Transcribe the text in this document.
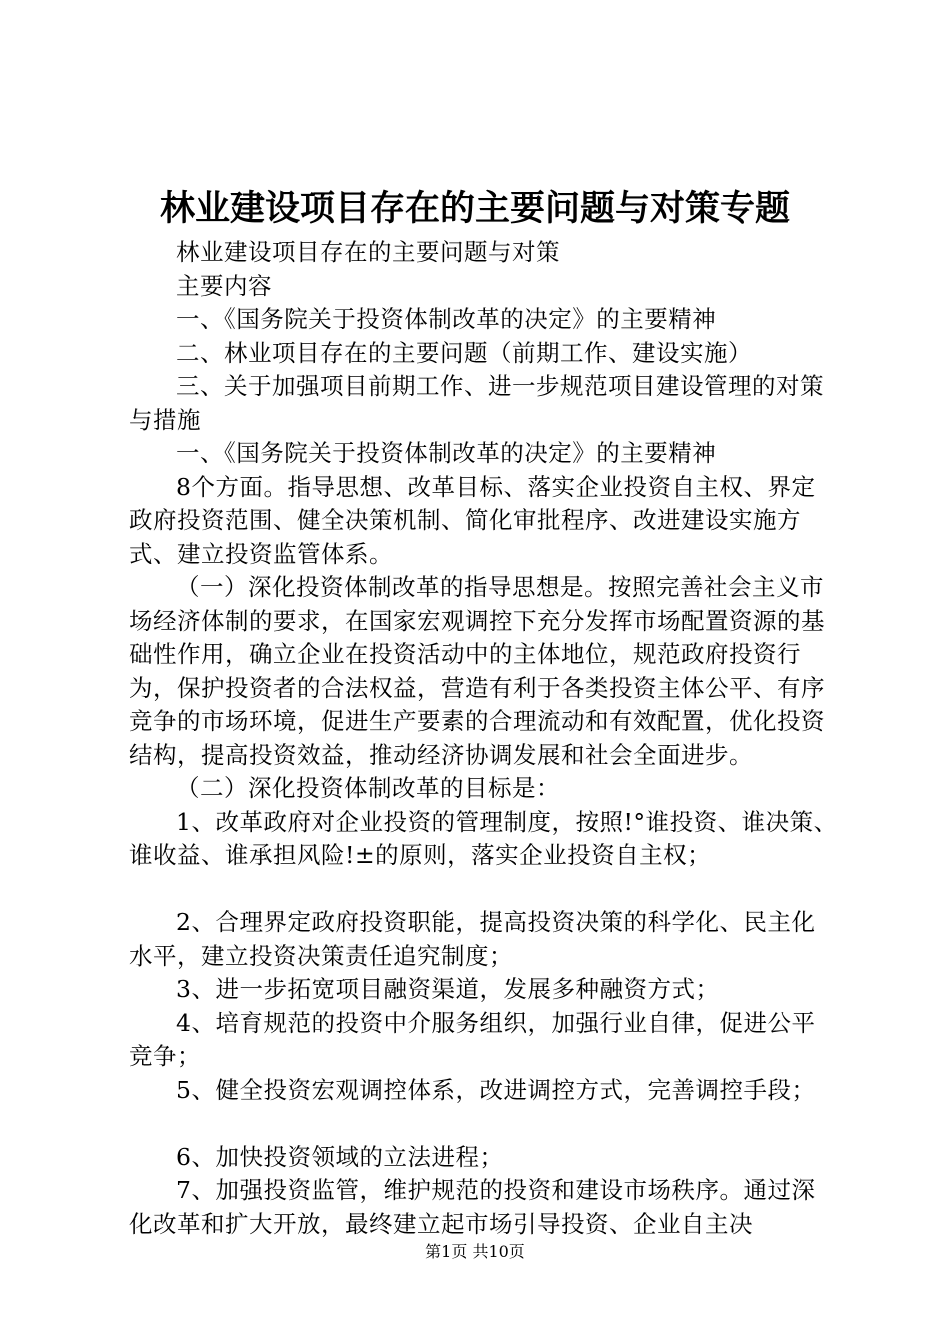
林业建设项目存在的主要问题与对策专题

林业建设项目存在的主要问题与对策

主要内容

一、《国务院关于投资体制改革的决定》的主要精神

二、林业项目存在的主要问题（前期工作、建设实施）

三、关于加强项目前期工作、进一步规范项目建设管理的对策与措施

一、《国务院关于投资体制改革的决定》的主要精神

8个方面。指导思想、改革目标、落实企业投资自主权、界定政府投资范围、健全决策机制、简化审批程序、改进建设实施方式、建立投资监管体系。

（一）深化投资体制改革的指导思想是。按照完善社会主义市场经济体制的要求，在国家宏观调控下充分发挥市场配置资源的基础性作用，确立企业在投资活动中的主体地位，规范政府投资行为，保护投资者的合法权益，营造有利于各类投资主体公平、有序竞争的市场环境，促进生产要素的合理流动和有效配置，优化投资结构，提高投资效益，推动经济协调发展和社会全面进步。

（二）深化投资体制改革的目标是：

1、改革政府对企业投资的管理制度，按照!°谁投资、谁决策、谁收益、谁承担风险!±的原则，落实企业投资自主权；

2、合理界定政府投资职能，提高投资决策的科学化、民主化水平，建立投资决策责任追究制度；

3、进一步拓宽项目融资渠道，发展多种融资方式；

4、培育规范的投资中介服务组织，加强行业自律，促进公平竞争；

5、健全投资宏观调控体系，改进调控方式，完善调控手段；

6、加快投资领域的立法进程；

7、加强投资监管，维护规范的投资和建设市场秩序。通过深化改革和扩大开放，最终建立起市场引导投资、企业自主决

第1页 共10页
